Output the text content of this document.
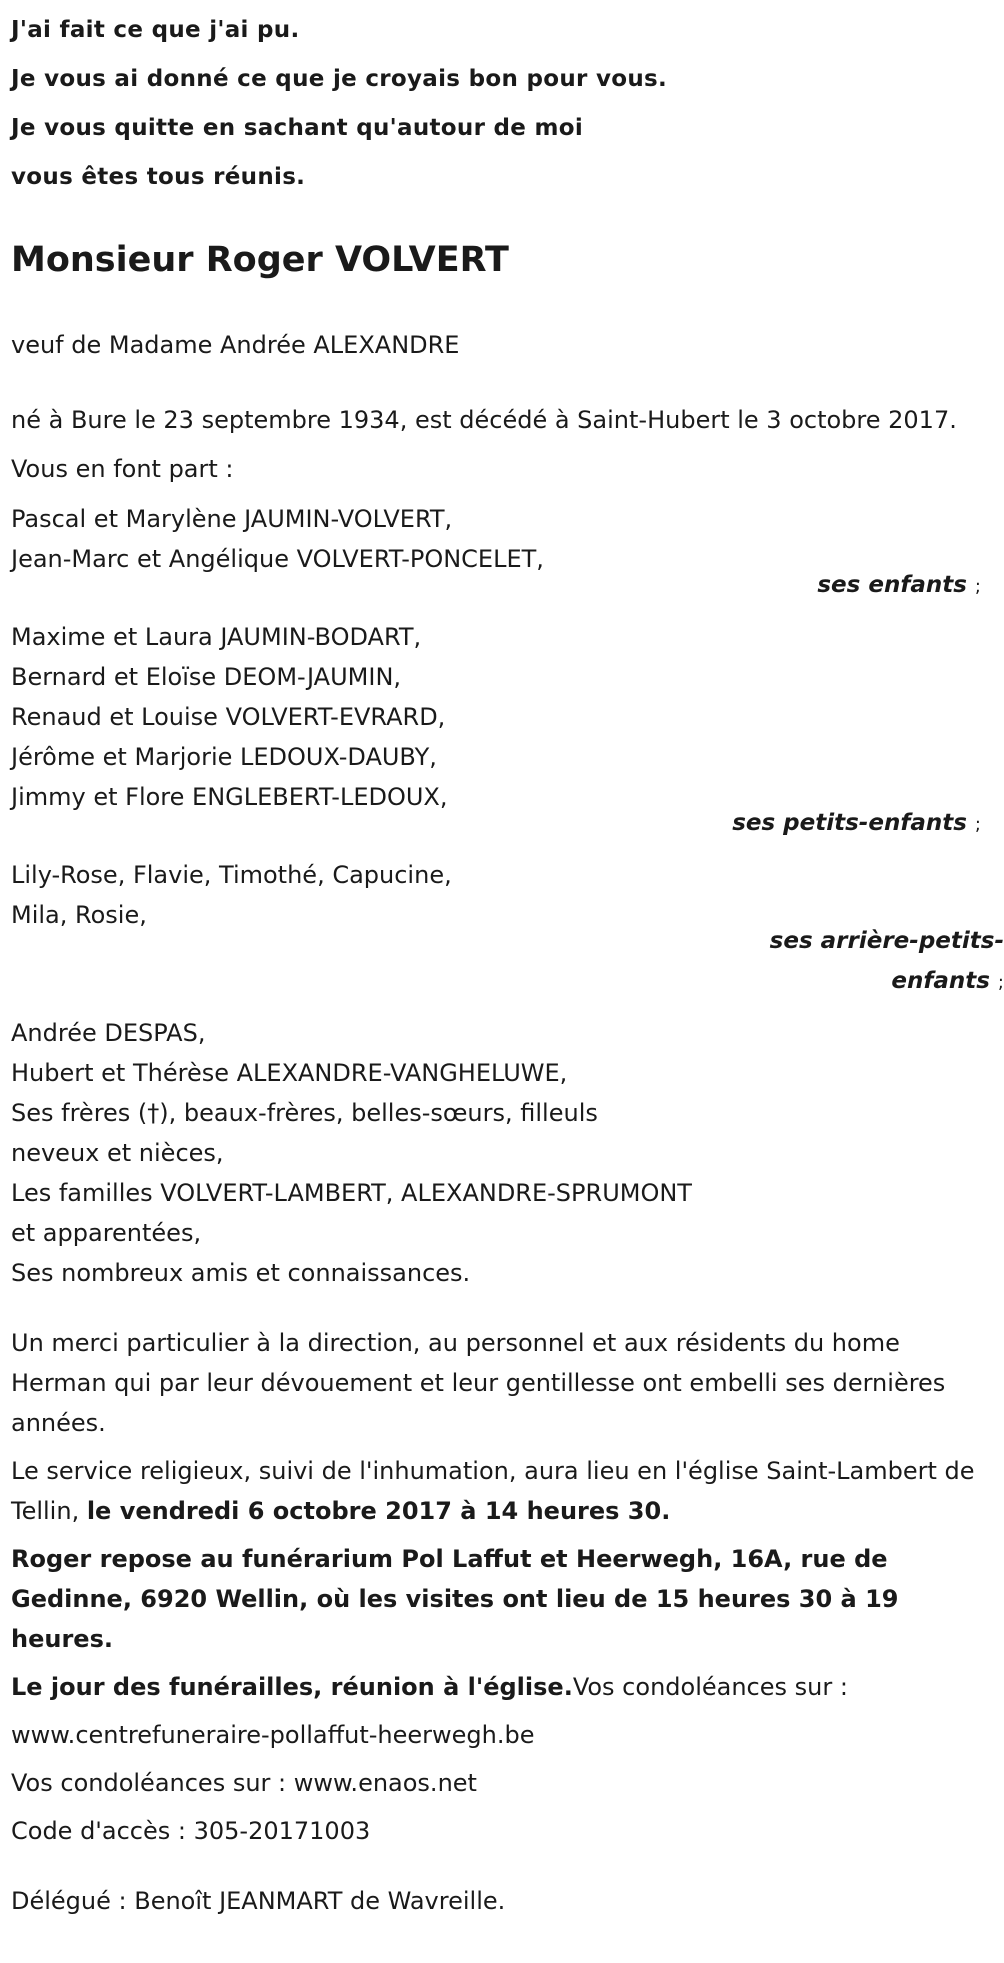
J'ai fait ce que j'ai pu.
Je vous ai donné ce que je croyais bon pour vous.
Je vous quitte en sachant qu'autour de moi
vous êtes tous réunis.
Monsieur Roger VOLVERT
veuf de Madame Andrée ALEXANDRE
né à Bure le 23 septembre 1934, est décédé à Saint-Hubert le 3 octobre 2017.
Vous en font part :
Pascal et Marylène JAUMIN-VOLVERT,
Jean-Marc et Angélique VOLVERT-PONCELET,
ses enfants ;
Maxime et Laura JAUMIN-BODART,
Bernard et Eloïse DEOM-JAUMIN,
Renaud et Louise VOLVERT-EVRARD,
Jérôme et Marjorie LEDOUX-DAUBY,
Jimmy et Flore ENGLEBERT-LEDOUX,
ses petits-enfants ;
Lily-Rose, Flavie, Timothé, Capucine,
Mila, Rosie,
ses arrière-petits-
enfants ;
Andrée DESPAS,
Hubert et Thérèse ALEXANDRE-VANGHELUWE,
Ses frères (†), beaux-frères, belles-sœurs, filleuls
neveux et nièces,
Les familles VOLVERT-LAMBERT, ALEXANDRE-SPRUMONT
et apparentées,
Ses nombreux amis et connaissances.
Un merci particulier à la direction, au personnel et aux résidents du home Herman qui par leur dévouement et leur gentillesse ont embelli ses dernières années.
Le service religieux, suivi de l'inhumation, aura lieu en l'église Saint-Lambert de Tellin, le vendredi 6 octobre 2017 à 14 heures 30.
Roger repose au funérarium Pol Laffut et Heerwegh, 16A, rue de Gedinne, 6920 Wellin, où les visites ont lieu de 15 heures 30 à 19 heures.
Le jour des funérailles, réunion à l'église.Vos condoléances sur :
www.centrefuneraire-pollaffut-heerwegh.be
Vos condoléances sur : www.enaos.net
Code d'accès : 305-20171003
Délégué : Benoît JEANMART de Wavreille.
